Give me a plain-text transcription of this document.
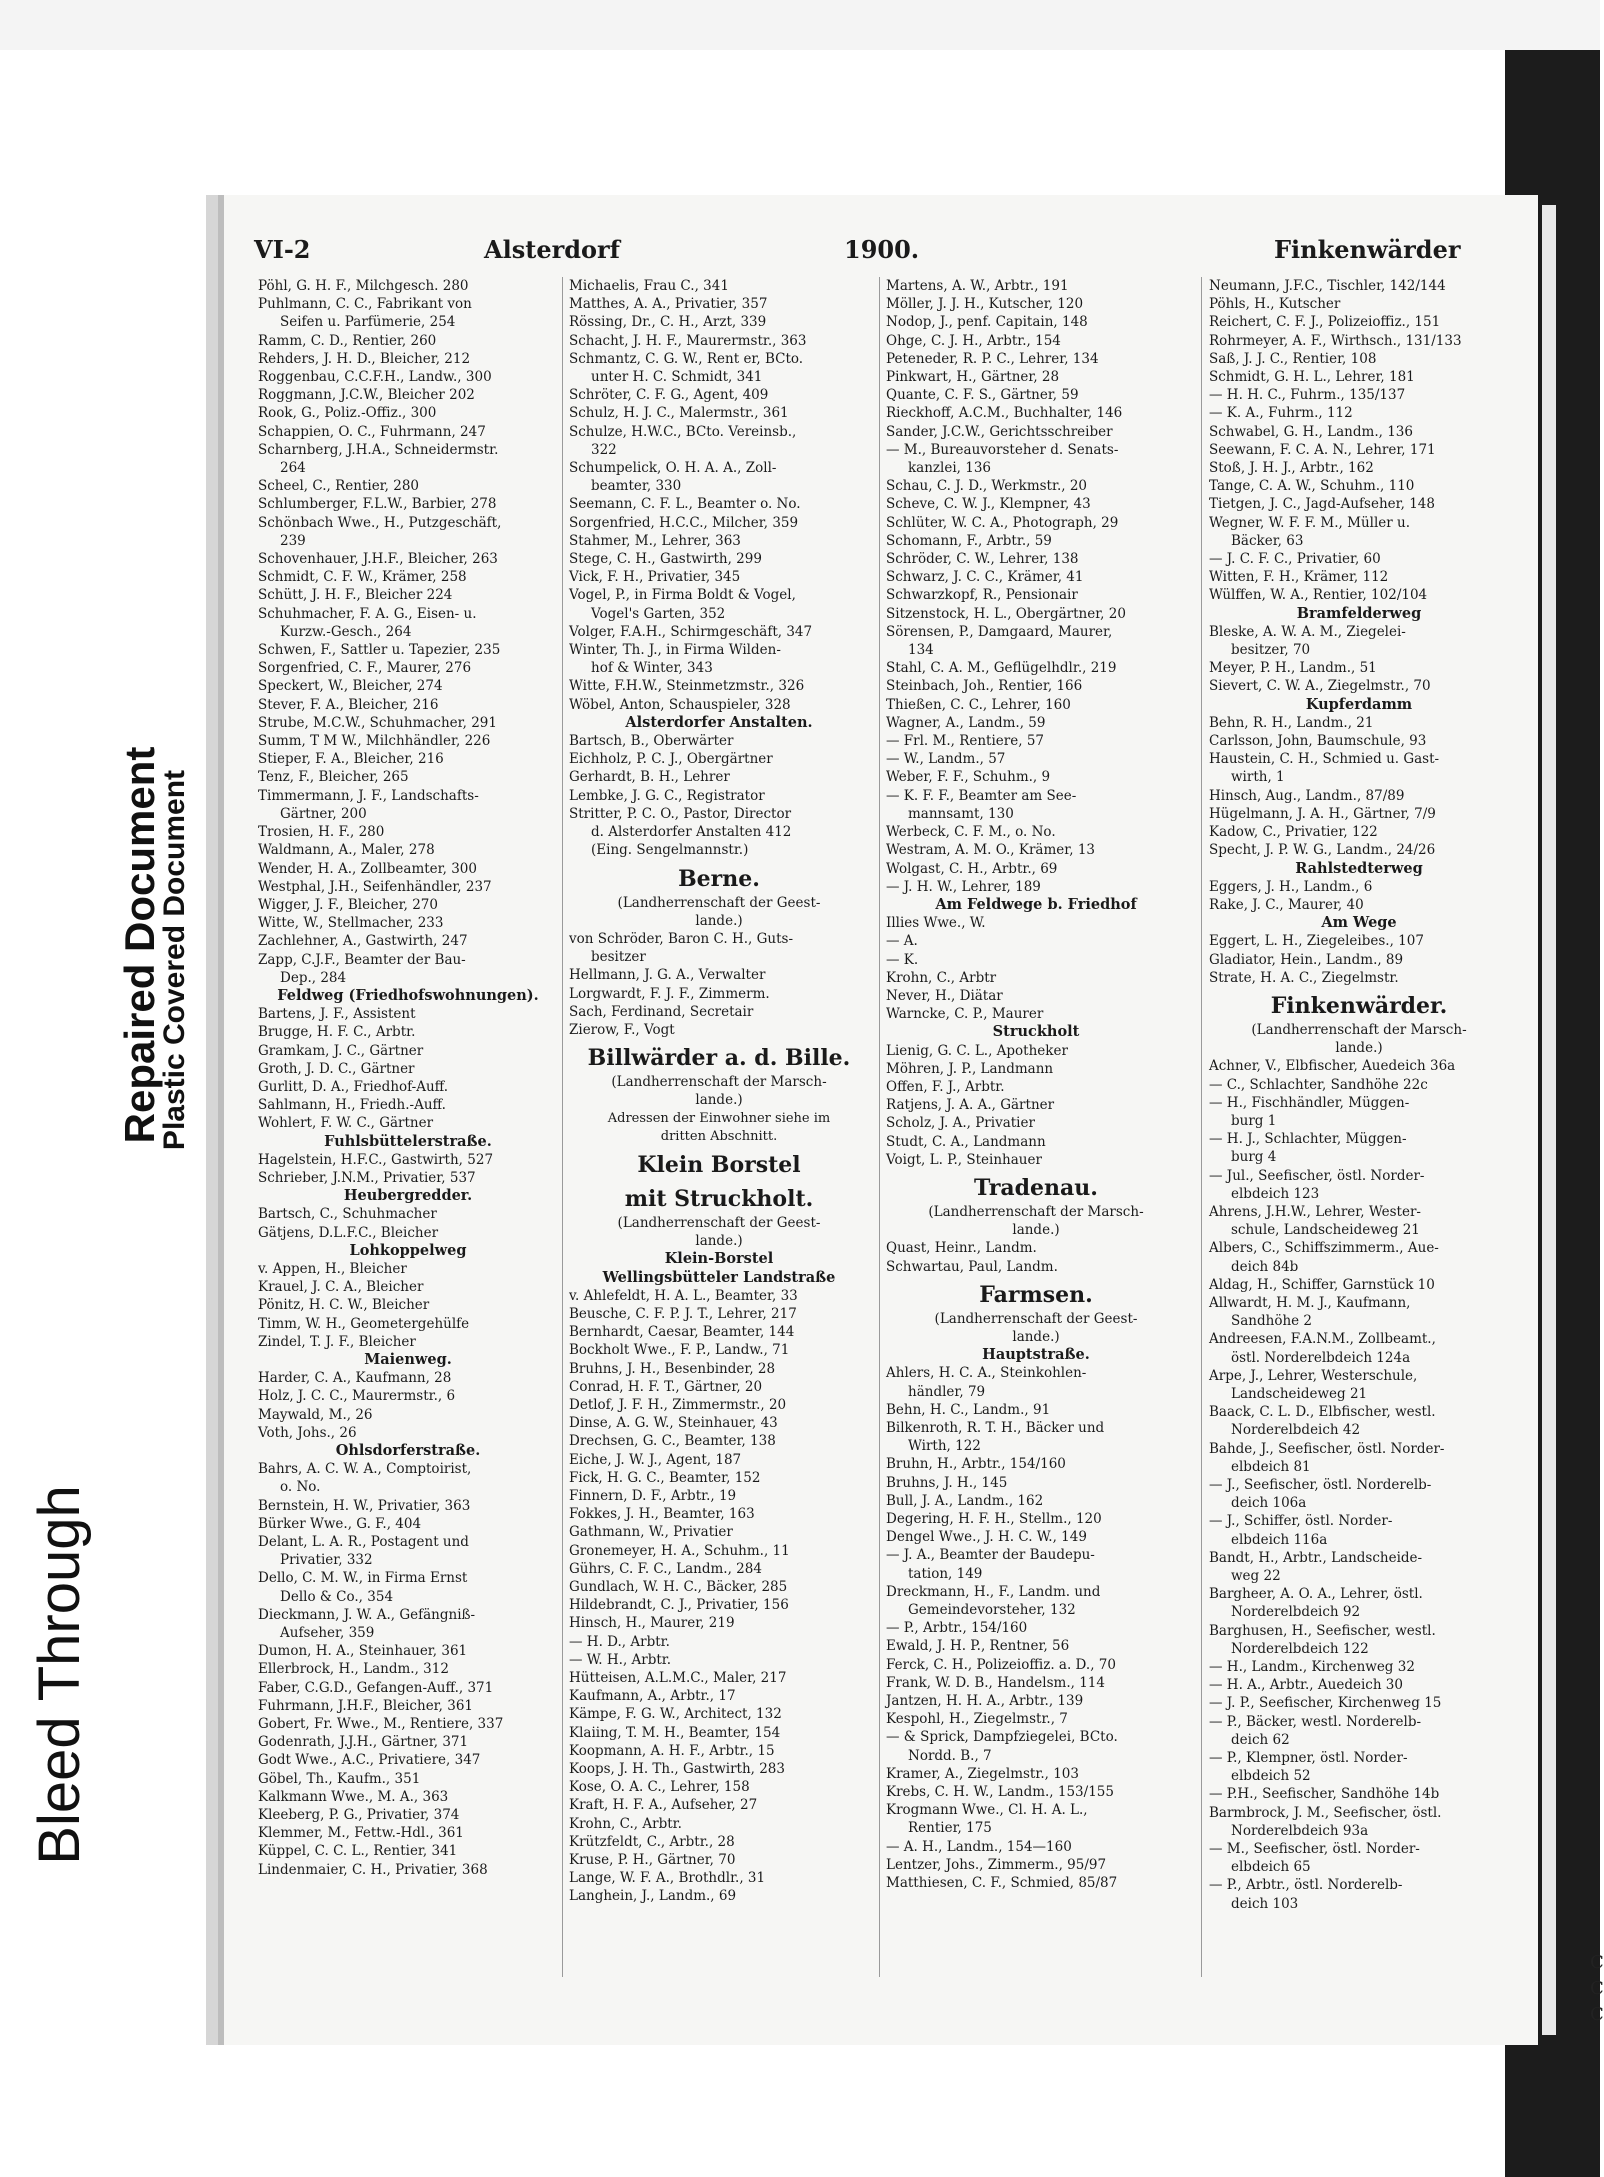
Bleed Through
Repaired Document
Plastic Covered Document
VI-2	Alsterdorf	1900.	Finkenwärder
Pöhl, G. H. F., Milchgesch. 280
Puhlmann, C. C., Fabrikant von
Seifen u. Parfümerie, 254
Ramm, C. D., Rentier, 260
Rehders, J. H. D., Bleicher, 212
Roggenbau, C.C.F.H., Landw., 300
Roggmann, J.C.W., Bleicher 202
Rook, G., Poliz.-Offiz., 300
Schappien, O. C., Fuhrmann, 247
Scharnberg, J.H.A., Schneidermstr.
264
Scheel, C., Rentier, 280
Schlumberger, F.L.W., Barbier, 278
Schönbach Wwe., H., Putzgeschäft,
239
Schovenhauer, J.H.F., Bleicher, 263
Schmidt, C. F. W., Krämer, 258
Schütt, J. H. F., Bleicher 224
Schuhmacher, F. A. G., Eisen- u.
Kurzw.-Gesch., 264
Schwen, F., Sattler u. Tapezier, 235
Sorgenfried, C. F., Maurer, 276
Speckert, W., Bleicher, 274
Stever, F. A., Bleicher, 216
Strube, M.C.W., Schuhmacher, 291
Summ, T M W., Milchhändler, 226
Stieper, F. A., Bleicher, 216
Tenz, F., Bleicher, 265
Timmermann, J. F., Landschafts-
Gärtner, 200
Trosien, H. F., 280
Waldmann, A., Maler, 278
Wender, H. A., Zollbeamter, 300
Westphal, J.H., Seifenhändler, 237
Wigger, J. F., Bleicher, 270
Witte, W., Stellmacher, 233
Zachlehner, A., Gastwirth, 247
Zapp, C.J.F., Beamter der Bau-
Dep., 284
Feldweg (Friedhofswohnungen).
Bartens, J. F., Assistent
Brugge, H. F. C., Arbtr.
Gramkam, J. C., Gärtner
Groth, J. D. C., Gärtner
Gurlitt, D. A., Friedhof-Auff.
Sahlmann, H., Friedh.-Auff.
Wohlert, F. W. C., Gärtner
Fuhlsbüttelerstraße.
Hagelstein, H.F.C., Gastwirth, 527
Schrieber, J.N.M., Privatier, 537
Heubergredder.
Bartsch, C., Schuhmacher
Gätjens, D.L.F.C., Bleicher
Lohkoppelweg
v. Appen, H., Bleicher
Krauel, J. C. A., Bleicher
Pönitz, H. C. W., Bleicher
Timm, W. H., Geometergehülfe
Zindel, T. J. F., Bleicher
Maienweg.
Harder, C. A., Kaufmann, 28
Holz, J. C. C., Maurermstr., 6
Maywald, M., 26
Voth, Johs., 26
Ohlsdorferstraße.
Bahrs, A. C. W. A., Comptoirist,
o. No.
Bernstein, H. W., Privatier, 363
Bürker Wwe., G. F., 404
Delant, L. A. R., Postagent und
Privatier, 332
Dello, C. M. W., in Firma Ernst
Dello & Co., 354
Dieckmann, J. W. A., Gefängniß-
Aufseher, 359
Dumon, H. A., Steinhauer, 361
Ellerbrock, H., Landm., 312
Faber, C.G.D., Gefangen-Auff., 371
Fuhrmann, J.H.F., Bleicher, 361
Gobert, Fr. Wwe., M., Rentiere, 337
Godenrath, J.J.H., Gärtner, 371
Godt Wwe., A.C., Privatiere, 347
Göbel, Th., Kaufm., 351
Kalkmann Wwe., M. A., 363
Kleeberg, P. G., Privatier, 374
Klemmer, M., Fettw.-Hdl., 361
Küppel, C. C. L., Rentier, 341
Lindenmaier, C. H., Privatier, 368
Michaelis, Frau C., 341
Matthes, A. A., Privatier, 357
Rössing, Dr., C. H., Arzt, 339
Schacht, J. H. F., Maurermstr., 363
Schmantz, C. G. W., Rent er, BCto.
unter H. C. Schmidt, 341
Schröter, C. F. G., Agent, 409
Schulz, H. J. C., Malermstr., 361
Schulze, H.W.C., BCto. Vereinsb.,
322
Schumpelick, O. H. A. A., Zoll-
beamter, 330
Seemann, C. F. L., Beamter o. No.
Sorgenfried, H.C.C., Milcher, 359
Stahmer, M., Lehrer, 363
Stege, C. H., Gastwirth, 299
Vick, F. H., Privatier, 345
Vogel, P., in Firma Boldt & Vogel,
Vogel's Garten, 352
Volger, F.A.H., Schirmgeschäft, 347
Winter, Th. J., in Firma Wilden-
hof & Winter, 343
Witte, F.H.W., Steinmetzmstr., 326
Wöbel, Anton, Schauspieler, 328
Alsterdorfer Anstalten.
Bartsch, B., Oberwärter
Eichholz, P. C. J., Obergärtner
Gerhardt, B. H., Lehrer
Lembke, J. G. C., Registrator
Stritter, P. C. O., Pastor, Director
d. Alsterdorfer Anstalten 412
(Eing. Sengelmannstr.)
Berne.
(Landherrenschaft der Geest-
lande.)
von Schröder, Baron C. H., Guts-
besitzer
Hellmann, J. G. A., Verwalter
Lorgwardt, F. J. F., Zimmerm.
Sach, Ferdinand, Secretair
Zierow, F., Vogt
Billwärder a. d. Bille.
(Landherrenschaft der Marsch-
lande.)
Adressen der Einwohner siehe im
dritten Abschnitt.
Klein Borstel
mit Struckholt.
(Landherrenschaft der Geest-
lande.)
Klein-Borstel
Wellingsbütteler Landstraße
v. Ahlefeldt, H. A. L., Beamter, 33
Beusche, C. F. P. J. T., Lehrer, 217
Bernhardt, Caesar, Beamter, 144
Bockholt Wwe., F. P., Landw., 71
Bruhns, J. H., Besenbinder, 28
Conrad, H. F. T., Gärtner, 20
Detlof, J. F. H., Zimmermstr., 20
Dinse, A. G. W., Steinhauer, 43
Drechsen, G. C., Beamter, 138
Eiche, J. W. J., Agent, 187
Fick, H. G. C., Beamter, 152
Finnern, D. F., Arbtr., 19
Fokkes, J. H., Beamter, 163
Gathmann, W., Privatier
Gronemeyer, H. A., Schuhm., 11
Gührs, C. F. C., Landm., 284
Gundlach, W. H. C., Bäcker, 285
Hildebrandt, C. J., Privatier, 156
Hinsch, H., Maurer, 219
— H. D., Arbtr.
— W. H., Arbtr.
Hütteisen, A.L.M.C., Maler, 217
Kaufmann, A., Arbtr., 17
Kämpe, F. G. W., Architect, 132
Klaiing, T. M. H., Beamter, 154
Koopmann, A. H. F., Arbtr., 15
Koops, J. H. Th., Gastwirth, 283
Kose, O. A. C., Lehrer, 158
Kraft, H. F. A., Aufseher, 27
Krohn, C., Arbtr.
Krützfeldt, C., Arbtr., 28
Kruse, P. H., Gärtner, 70
Lange, W. F. A., Brothdlr., 31
Langhein, J., Landm., 69
Martens, A. W., Arbtr., 191
Möller, J. J. H., Kutscher, 120
Nodop, J., penf. Capitain, 148
Ohge, C. J. H., Arbtr., 154
Peteneder, R. P. C., Lehrer, 134
Pinkwart, H., Gärtner, 28
Quante, C. F. S., Gärtner, 59
Rieckhoff, A.C.M., Buchhalter, 146
Sander, J.C.W., Gerichtsschreiber
— M., Bureauvorsteher d. Senats-
kanzlei, 136
Schau, C. J. D., Werkmstr., 20
Scheve, C. W. J., Klempner, 43
Schlüter, W. C. A., Photograph, 29
Schomann, F., Arbtr., 59
Schröder, C. W., Lehrer, 138
Schwarz, J. C. C., Krämer, 41
Schwarzkopf, R., Pensionair
Sitzenstock, H. L., Obergärtner, 20
Sörensen, P., Damgaard, Maurer,
134
Stahl, C. A. M., Geflügelhdlr., 219
Steinbach, Joh., Rentier, 166
Thießen, C. C., Lehrer, 160
Wagner, A., Landm., 59
— Frl. M., Rentiere, 57
— W., Landm., 57
Weber, F. F., Schuhm., 9
— K. F. F., Beamter am See-
mannsamt, 130
Werbeck, C. F. M., o. No.
Westram, A. M. O., Krämer, 13
Wolgast, C. H., Arbtr., 69
— J. H. W., Lehrer, 189
Am Feldwege b. Friedhof
Illies Wwe., W.
— A.
— K.
Krohn, C., Arbtr
Never, H., Diätar
Warncke, C. P., Maurer
Struckholt
Lienig, G. C. L., Apotheker
Möhren, J. P., Landmann
Offen, F. J., Arbtr.
Ratjens, J. A. A., Gärtner
Scholz, J. A., Privatier
Studt, C. A., Landmann
Voigt, L. P., Steinhauer
Tradenau.
(Landherrenschaft der Marsch-
lande.)
Quast, Heinr., Landm.
Schwartau, Paul, Landm.
Farmsen.
(Landherrenschaft der Geest-
lande.)
Hauptstraße.
Ahlers, H. C. A., Steinkohlen-
händler, 79
Behn, H. C., Landm., 91
Bilkenroth, R. T. H., Bäcker und
Wirth, 122
Bruhn, H., Arbtr., 154/160
Bruhns, J. H., 145
Bull, J. A., Landm., 162
Degering, H. F. H., Stellm., 120
Dengel Wwe., J. H. C. W., 149
— J. A., Beamter der Baudepu-
tation, 149
Dreckmann, H., F., Landm. und
Gemeindevorsteher, 132
— P., Arbtr., 154/160
Ewald, J. H. P., Rentner, 56
Ferck, C. H., Polizeioffiz. a. D., 70
Frank, W. D. B., Handelsm., 114
Jantzen, H. H. A., Arbtr., 139
Kespohl, H., Ziegelmstr., 7
— & Sprick, Dampfziegelei, BCto.
Nordd. B., 7
Kramer, A., Ziegelmstr., 103
Krebs, C. H. W., Landm., 153/155
Krogmann Wwe., Cl. H. A. L.,
Rentier, 175
— A. H., Landm., 154—160
Lentzer, Johs., Zimmerm., 95/97
Matthiesen, C. F., Schmied, 85/87
Neumann, J.F.C., Tischler, 142/144
Pöhls, H., Kutscher
Reichert, C. F. J., Polizeioffiz., 151
Rohrmeyer, A. F., Wirthsch., 131/133
Saß, J. J. C., Rentier, 108
Schmidt, G. H. L., Lehrer, 181
— H. H. C., Fuhrm., 135/137
— K. A., Fuhrm., 112
Schwabel, G. H., Landm., 136
Seewann, F. C. A. N., Lehrer, 171
Stoß, J. H. J., Arbtr., 162
Tange, C. A. W., Schuhm., 110
Tietgen, J. C., Jagd-Aufseher, 148
Wegner, W. F. F. M., Müller u.
Bäcker, 63
— J. C. F. C., Privatier, 60
Witten, F. H., Krämer, 112
Wülffen, W. A., Rentier, 102/104
Bramfelderweg
Bleske, A. W. A. M., Ziegelei-
besitzer, 70
Meyer, P. H., Landm., 51
Sievert, C. W. A., Ziegelmstr., 70
Kupferdamm
Behn, R. H., Landm., 21
Carlsson, John, Baumschule, 93
Haustein, C. H., Schmied u. Gast-
wirth, 1
Hinsch, Aug., Landm., 87/89
Hügelmann, J. A. H., Gärtner, 7/9
Kadow, C., Privatier, 122
Specht, J. P. W. G., Landm., 24/26
Rahlstedterweg
Eggers, J. H., Landm., 6
Rake, J. C., Maurer, 40
Am Wege
Eggert, L. H., Ziegeleibes., 107
Gladiator, Hein., Landm., 89
Strate, H. A. C., Ziegelmstr.
Finkenwärder.
(Landherrenschaft der Marsch-
lande.)
Achner, V., Elbfischer, Auedeich 36a
— C., Schlachter, Sandhöhe 22c
— H., Fischhändler, Müggen-
burg 1
— H. J., Schlachter, Müggen-
burg 4
— Jul., Seefischer, östl. Norder-
elbdeich 123
Ahrens, J.H.W., Lehrer, Wester-
schule, Landscheideweg 21
Albers, C., Schiffszimmerm., Aue-
deich 84b
Aldag, H., Schiffer, Garnstück 10
Allwardt, H. M. J., Kaufmann,
Sandhöhe 2
Andreesen, F.A.N.M., Zollbeamt.,
östl. Norderelbdeich 124a
Arpe, J., Lehrer, Westerschule,
Landscheideweg 21
Baack, C. L. D., Elbfischer, westl.
Norderelbdeich 42
Bahde, J., Seefischer, östl. Norder-
elbdeich 81
— J., Seefischer, östl. Norderelb-
deich 106a
— J., Schiffer, östl. Norder-
elbdeich 116a
Bandt, H., Arbtr., Landscheide-
weg 22
Bargheer, A. O. A., Lehrer, östl.
Norderelbdeich 92
Barghusen, H., Seefischer, westl.
Norderelbdeich 122
— H., Landm., Kirchenweg 32
— H. A., Arbtr., Auedeich 30
— J. P., Seefischer, Kirchenweg 15
— P., Bäcker, westl. Norderelb-
deich 62
— P., Klempner, östl. Norder-
elbdeich 52
— P.H., Seefischer, Sandhöhe 14b
Barmbrock, J. M., Seefischer, östl.
Norderelbdeich 93a
— M., Seefischer, östl. Norder-
elbdeich 65
— P., Arbtr., östl. Norderelb-
deich 103
C
C
C
